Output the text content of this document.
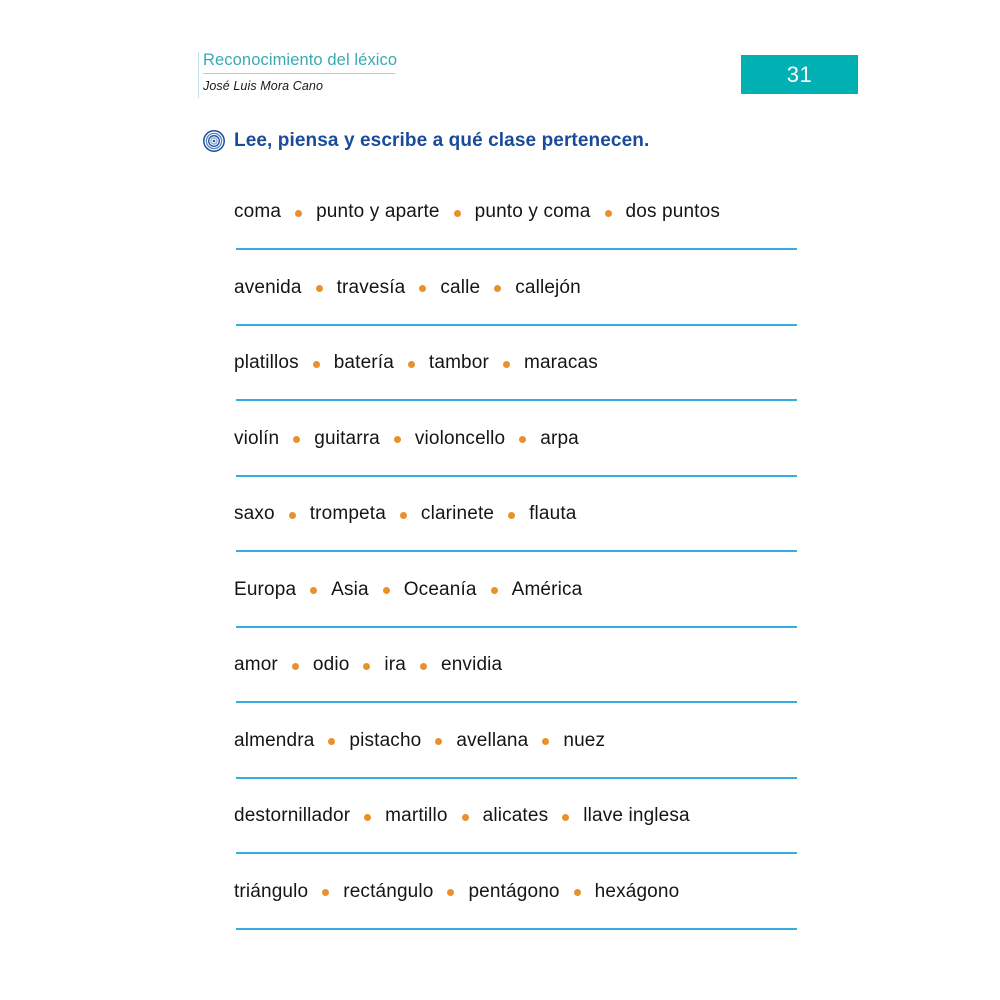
Reconocimiento del léxico
José Luis Mora Cano	31
Lee, piensa y escribe a qué clase pertenecen.
coma punto y aparte punto y coma dos puntos
avenida travesía calle callejón
platillos batería tambor maracas
violín guitarra violoncello arpa
saxo trompeta clarinete flauta
Europa Asia Oceanía América
amor odio ira envidia
almendra pistacho avellana nuez
destornillador martillo alicates llave inglesa
triángulo rectángulo pentágono hexágono
